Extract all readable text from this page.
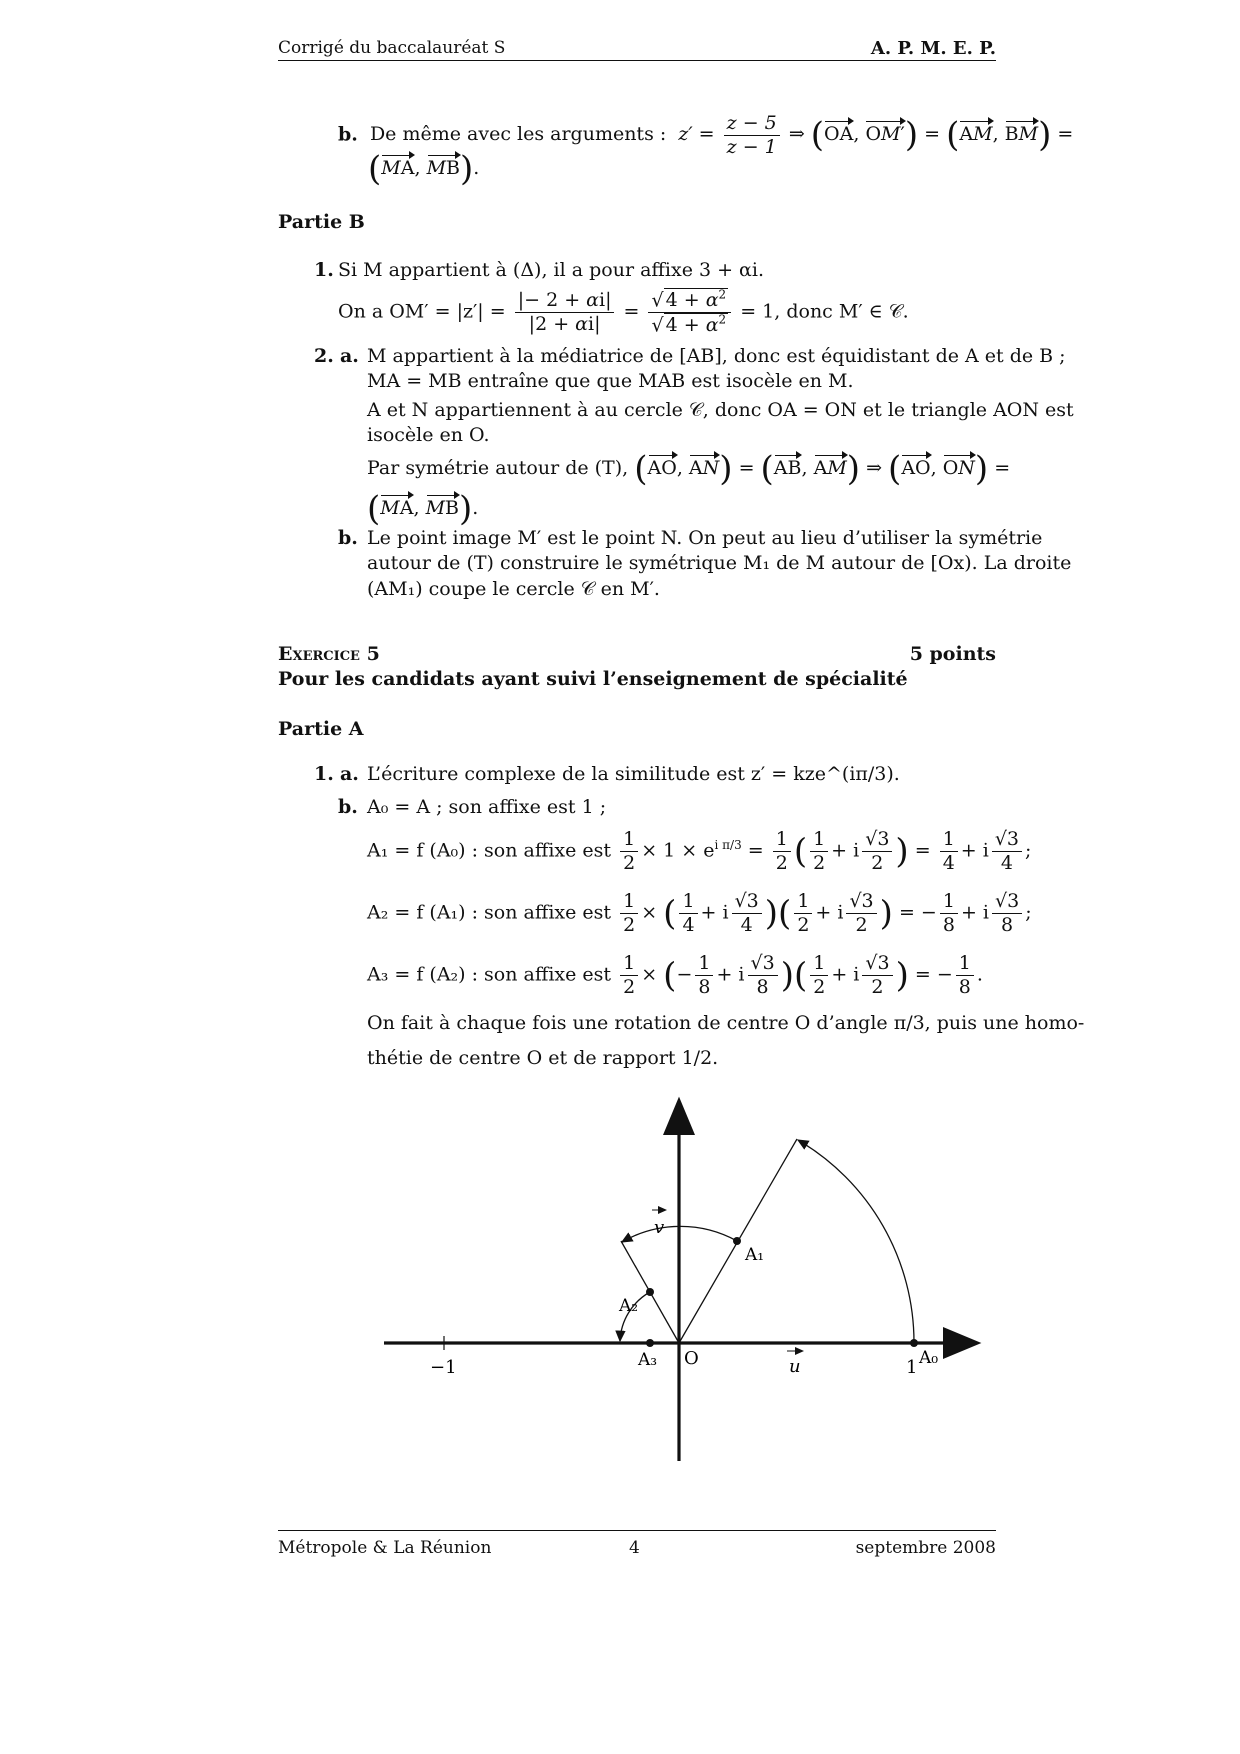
Corrigé du baccalauréat S	A. P. M. E. P.
b. De même avec les arguments : $z' = \frac{z - 5}{z - 1}$ ⇒ (OA, OM′) = (AM, BM) =
(MA, MB).
Partie B
1. Si M appartient à (Δ), il a pour affixe 3 + αi.
On a $OM' = |z'| = \frac{|- 2 + \alpha i|}{|2 + \alpha i|} = \frac{√ 4 + \alpha^2}{√ 4 + \alpha^2} = 1$, donc M′ ∈ 𝒞.
2. a. M appartient à la médiatrice de [AB], donc est équidistant de A et de B ;
MA = MB entraîne que que MAB est isocèle en M.
A et N appartiennent à au cercle 𝒞, donc OA = ON et le triangle AON est
isocèle en O.
Par symétrie autour de (T), (AO, AN) = (AB, AM) ⇒ (AO, ON) =
(MA, MB).
b. Le point image M′ est le point N. On peut au lieu d’utiliser la symétrie
autour de (T) construire le symétrique M₁ de M autour de [Ox). La droite
(AM₁) coupe le cercle 𝒞 en M′.
Exercice 5	5 points
Pour les candidats ayant suivi l’enseignement de spécialité
Partie A
1. a. L’écriture complexe de la similitude est z′ = kze^(iπ/3).
b. A₀ = A ; son affixe est 1 ;
A₁ = f (A₀) : son affixe est $\frac{1}{2} \times 1 \times e^{i \pi/3} = \frac{1}{2}$ ( $\frac{1}{2} + i \frac{√3}{2}$ ) = $\frac{1}{4} + i \frac{√3}{4}$ ;
A₂ = f (A₁) : son affixe est $\frac{1}{2}$ × ( $\frac{1}{4} + i \frac{√3}{4}$ )( $\frac{1}{2} + i \frac{√3}{2}$ ) = − $\frac{1}{8} + i \frac{√3}{8}$ ;
A₃ = f (A₂) : son affixe est $\frac{1}{2}$ × (− $\frac{1}{8} + i \frac{√3}{8}$ )( $\frac{1}{2} + i \frac{√3}{2}$ ) = − $\frac{1}{8}$ .
On fait à chaque fois une rotation de centre O d’angle π/3, puis une homo-
thétie de centre O et de rapport 1/2.
A₀
A₁
A₂
A₃ O	u
v
1
−1
Métropole & La Réunion	4	septembre 2008
